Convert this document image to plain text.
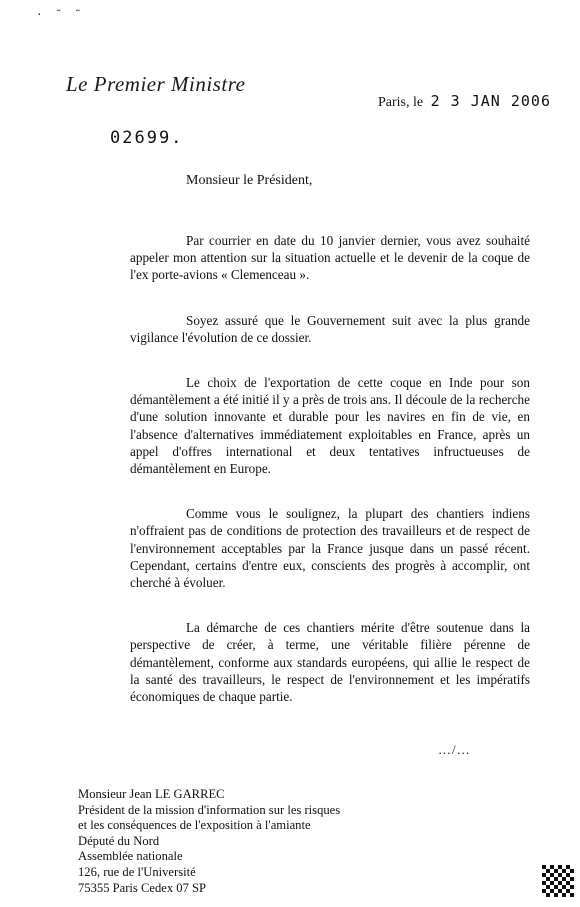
· ˜ ˜
Le Premier Ministre
Paris, le 2 3 JAN 2006
02699.
Monsieur le Président,

Par courrier en date du 10 janvier dernier, vous avez souhaité appeler mon attention sur la situation actuelle et le devenir de la coque de l'ex porte-avions « Clemenceau ».

Soyez assuré que le Gouvernement suit avec la plus grande vigilance l'évolution de ce dossier.

Le choix de l'exportation de cette coque en Inde pour son démantèlement a été initié il y a près de trois ans. Il découle de la recherche d'une solution innovante et durable pour les navires en fin de vie, en l'absence d'alternatives immédiatement exploitables en France, après un appel d'offres international et deux tentatives infructueuses de démantèlement en Europe.

Comme vous le soulignez, la plupart des chantiers indiens n'offraient pas de conditions de protection des travailleurs et de respect de l'environnement acceptables par la France jusque dans un passé récent. Cependant, certains d'entre eux, conscients des progrès à accomplir, ont cherché à évoluer.

La démarche de ces chantiers mérite d'être soutenue dans la perspective de créer, à terme, une véritable filière pérenne de démantèlement, conforme aux standards européens, qui allie le respect de la santé des travailleurs, le respect de l'environnement et les impératifs économiques de chaque partie.

…/…
Monsieur Jean LE GARREC
Président de la mission d'information sur les risques
et les conséquences de l'exposition à l'amiante
Député du Nord
Assemblée nationale
126, rue de l'Université
75355 Paris Cedex 07 SP
